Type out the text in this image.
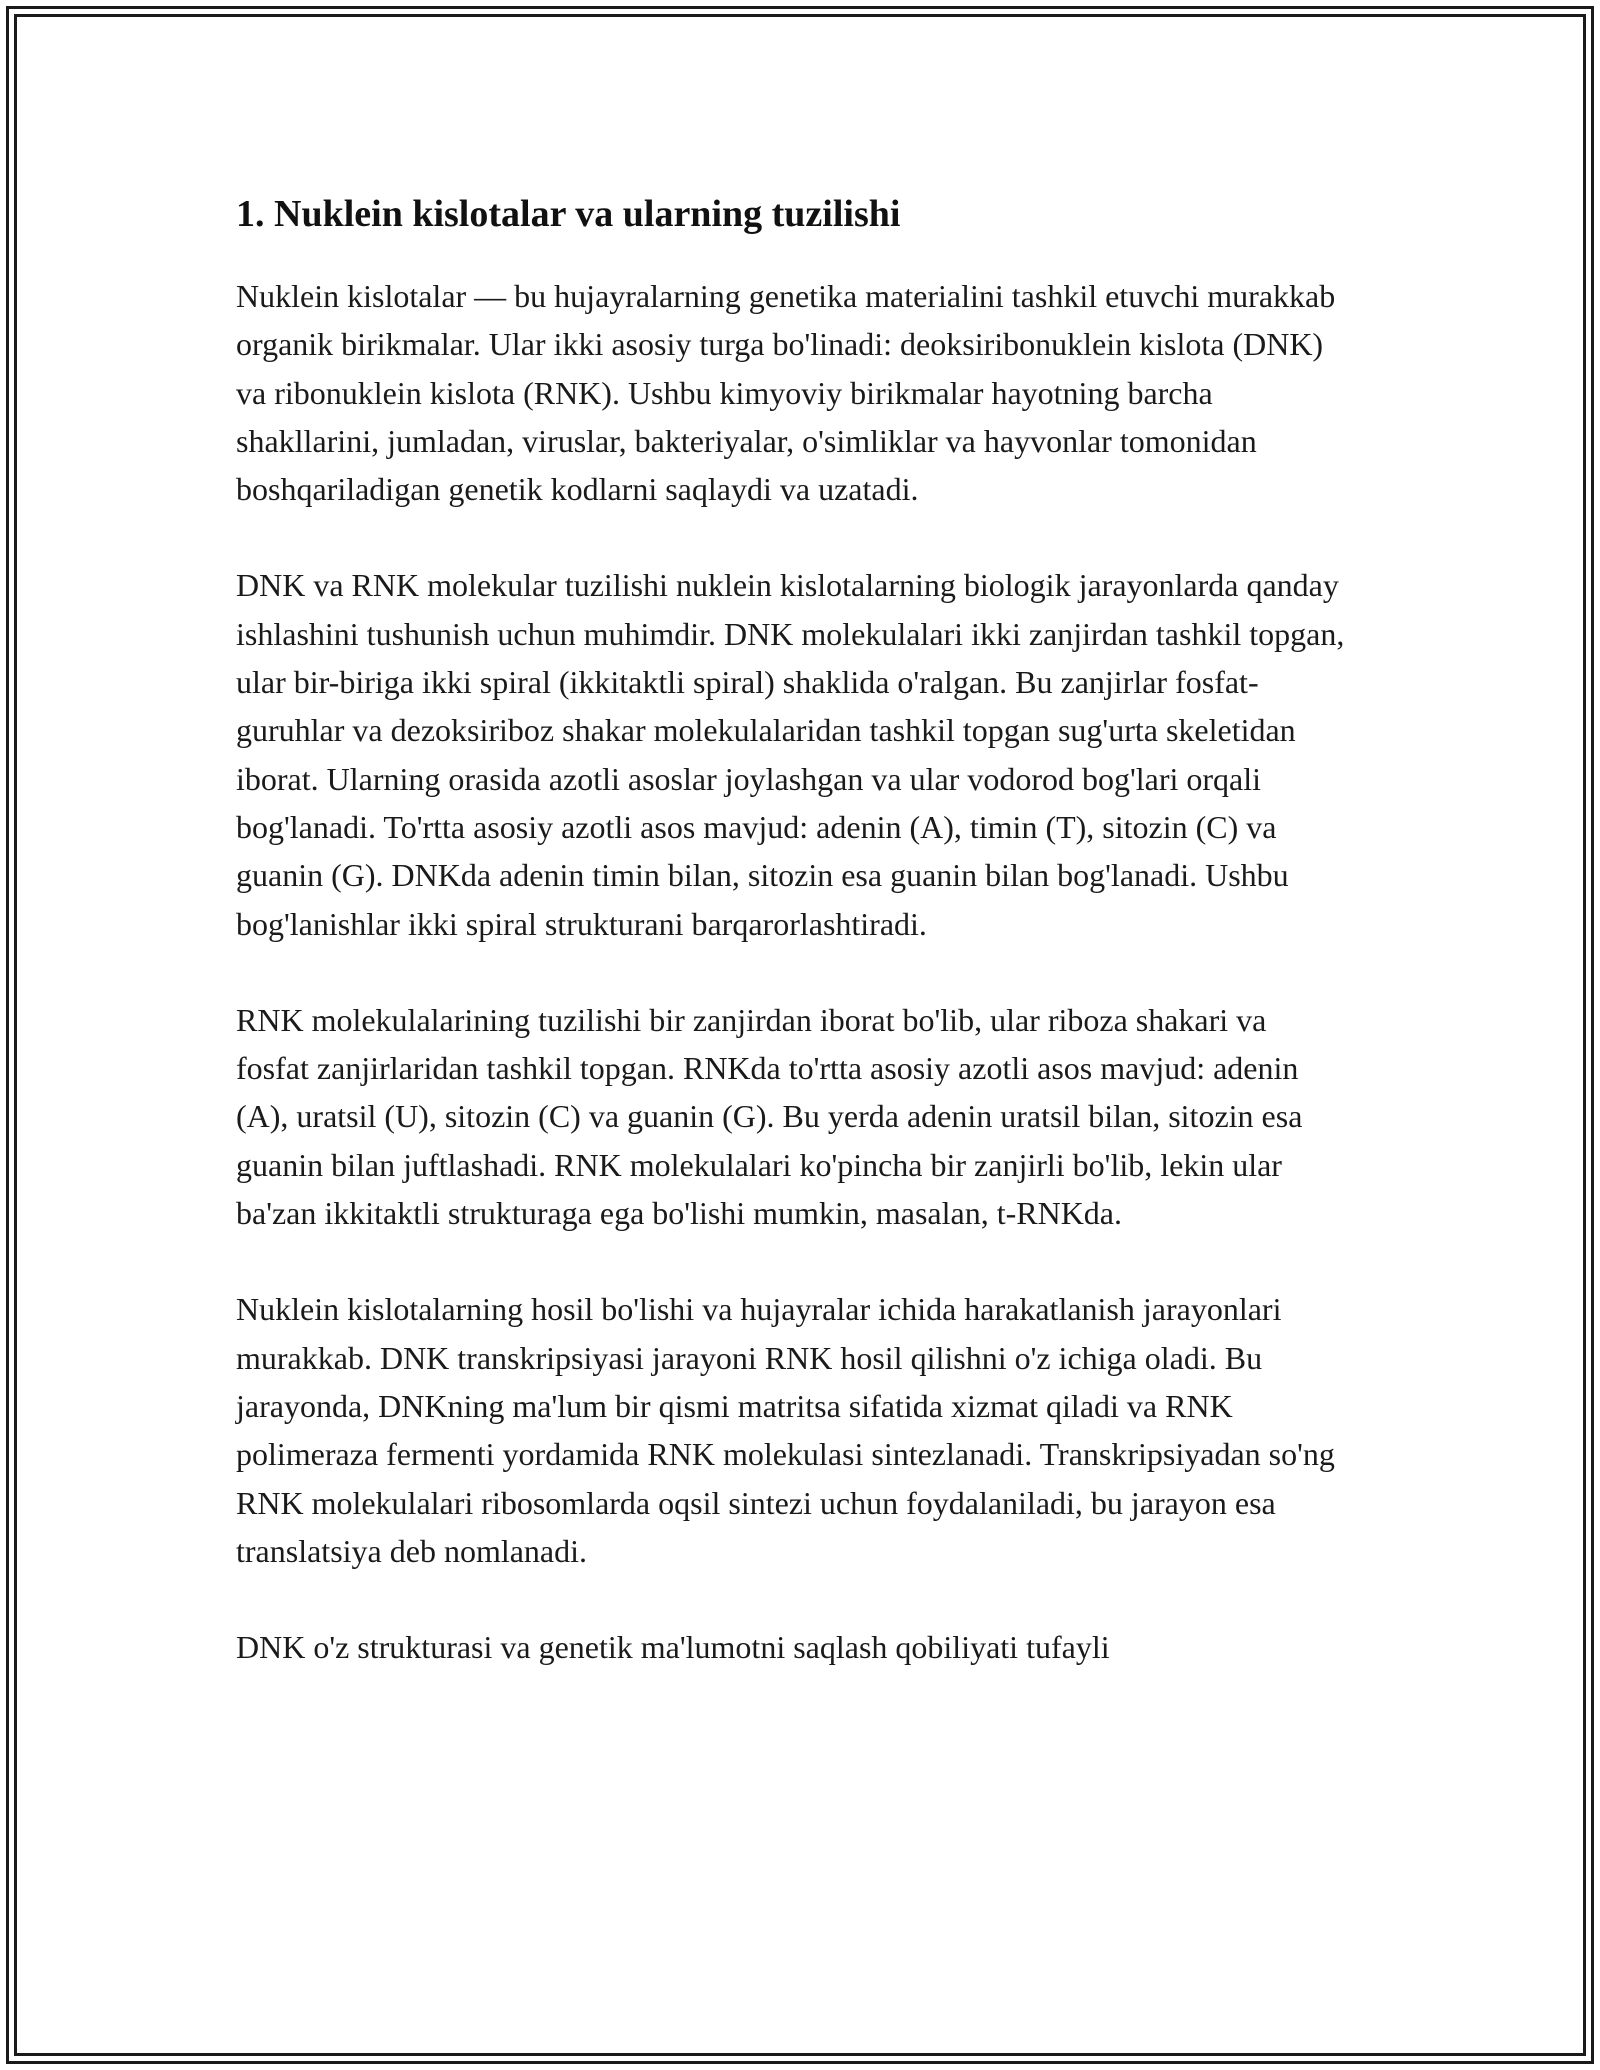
1. Nuklein kislotalar va ularning tuzilishi

Nuklein kislotalar — bu hujayralarning genetika materialini tashkil etuvchi murakkab organik birikmalar. Ular ikki asosiy turga bo'linadi: deoksiribonuklein kislota (DNK) va ribonuklein kislota (RNK). Ushbu kimyoviy birikmalar hayotning barcha shakllarini, jumladan, viruslar, bakteriyalar, o'simliklar va hayvonlar tomonidan boshqariladigan genetik kodlarni saqlaydi va uzatadi.

DNK va RNK molekular tuzilishi nuklein kislotalarning biologik jarayonlarda qanday ishlashini tushunish uchun muhimdir. DNK molekulalari ikki zanjirdan tashkil topgan, ular bir-biriga ikki spiral (ikkitaktli spiral) shaklida o'ralgan. Bu zanjirlar fosfat-guruhlar va dezoksiriboz shakar molekulalaridan tashkil topgan sug'urta skeletidan iborat. Ularning orasida azotli asoslar joylashgan va ular vodorod bog'lari orqali bog'lanadi. To'rtta asosiy azotli asos mavjud: adenin (A), timin (T), sitozin (C) va guanin (G). DNKda adenin timin bilan, sitozin esa guanin bilan bog'lanadi. Ushbu bog'lanishlar ikki spiral strukturani barqarorlashtiradi.

RNK molekulalarining tuzilishi bir zanjirdan iborat bo'lib, ular riboza shakari va fosfat zanjirlaridan tashkil topgan. RNKda to'rtta asosiy azotli asos mavjud: adenin (A), uratsil (U), sitozin (C) va guanin (G). Bu yerda adenin uratsil bilan, sitozin esa guanin bilan juftlashadi. RNK molekulalari ko'pincha bir zanjirli bo'lib, lekin ular ba'zan ikkitaktli strukturaga ega bo'lishi mumkin, masalan, t-RNKda.

Nuklein kislotalarning hosil bo'lishi va hujayralar ichida harakatlanish jarayonlari murakkab. DNK transkripsiyasi jarayoni RNK hosil qilishni o'z ichiga oladi. Bu jarayonda, DNKning ma'lum bir qismi matritsa sifatida xizmat qiladi va RNK polimeraza fermenti yordamida RNK molekulasi sintezlanadi. Transkripsiyadan so'ng RNK molekulalari ribosomlarda oqsil sintezi uchun foydalaniladi, bu jarayon esa translatsiya deb nomlanadi.

DNK o'z strukturasi va genetik ma'lumotni saqlash qobiliyati tufayli
